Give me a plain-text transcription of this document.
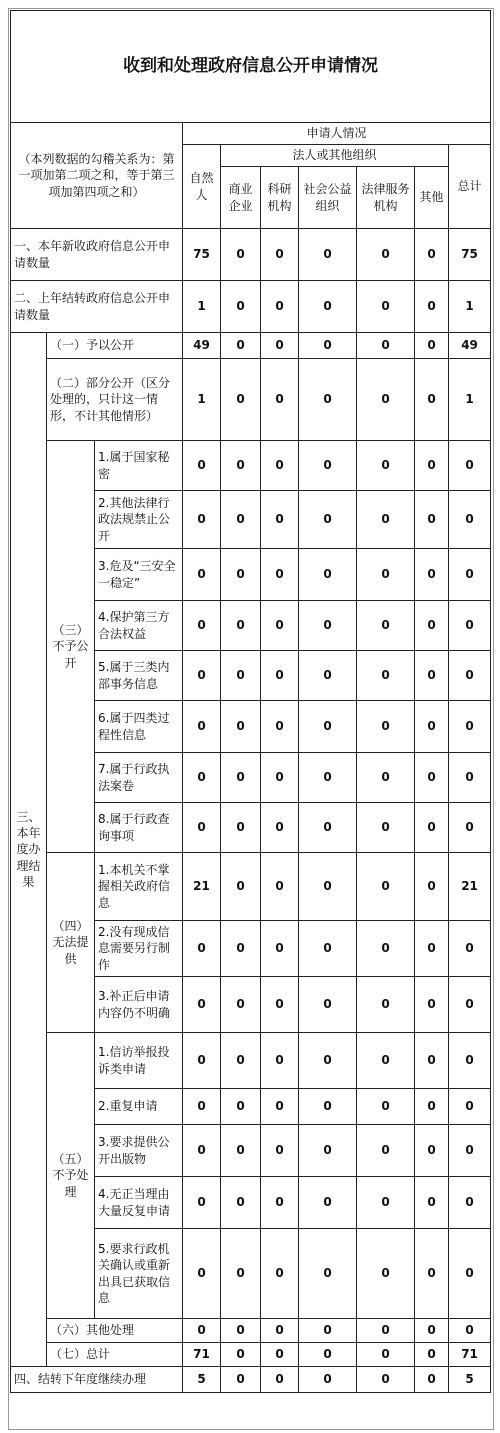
收到和处理政府信息公开申请情况									
（本列数据的勾稽关系为：第一项加第二项之和，等于第三项加第四项之和）			申请人情况						
			自然人	法人或其他组织					总计
				商业企业	科研机构	社会公益组织	法律服务机构	其他	
一、本年新收政府信息公开申请数量			75	0	0	0	0	0	75
二、上年结转政府信息公开申请数量			1	0	0	0	0	0	1
三、本年度办理结果	（一）予以公开		49	0	0	0	0	0	49
	（二）部分公开（区分处理的，只计这一情形，不计其他情形）		1	0	0	0	0	0	1
	（三）不予公开	1.属于国家秘密	0	0	0	0	0	0	0
		2.其他法律行政法规禁止公开	0	0	0	0	0	0	0
		3.危及“三安全一稳定”	0	0	0	0	0	0	0
		4.保护第三方合法权益	0	0	0	0	0	0	0
		5.属于三类内部事务信息	0	0	0	0	0	0	0
		6.属于四类过程性信息	0	0	0	0	0	0	0
		7.属于行政执法案卷	0	0	0	0	0	0	0
		8.属于行政查询事项	0	0	0	0	0	0	0
	（四）无法提供	1.本机关不掌握相关政府信息	21	0	0	0	0	0	21
		2.没有现成信息需要另行制作	0	0	0	0	0	0	0
		3.补正后申请内容仍不明确	0	0	0	0	0	0	0
	（五）不予处理	1.信访举报投诉类申请	0	0	0	0	0	0	0
		2.重复申请	0	0	0	0	0	0	0
		3.要求提供公开出版物	0	0	0	0	0	0	0
		4.无正当理由大量反复申请	0	0	0	0	0	0	0
		5.要求行政机关确认或重新出具已获取信息	0	0	0	0	0	0	0
	（六）其他处理		0	0	0	0	0	0	0
	（七）总计		71	0	0	0	0	0	71
四、结转下年度继续办理			5	0	0	0	0	0	5
